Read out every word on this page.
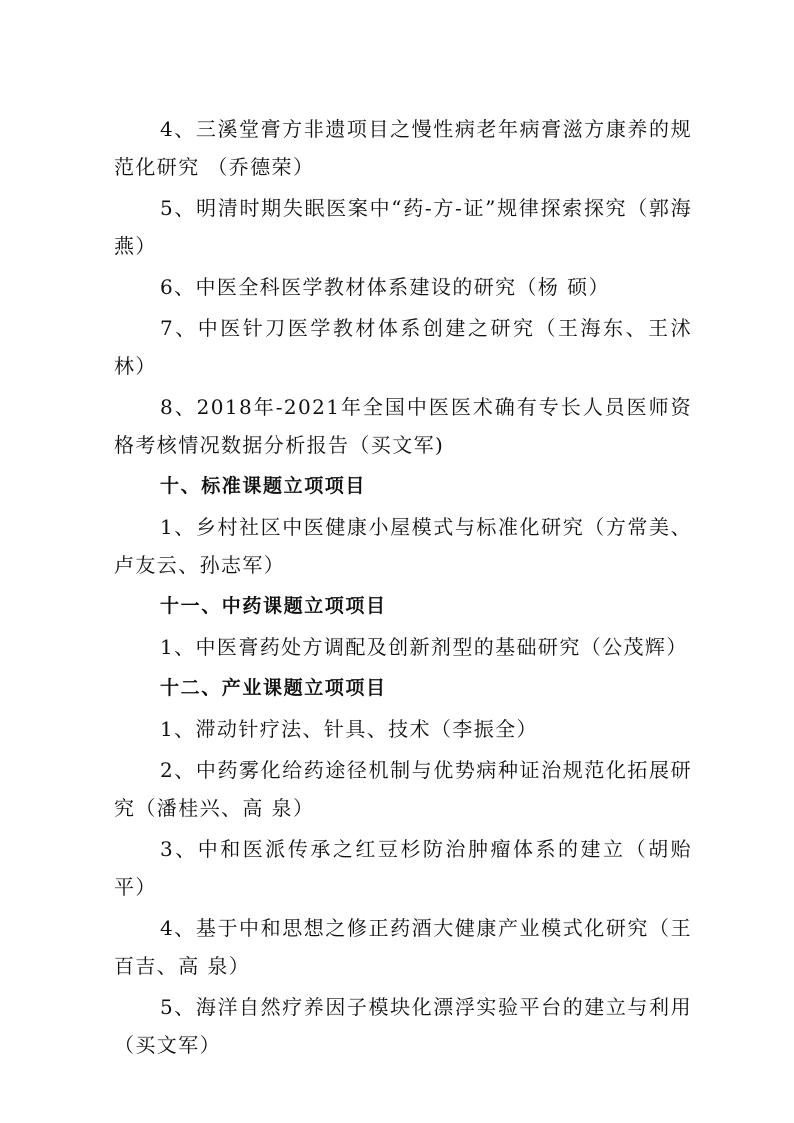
4、三溪堂膏方非遗项目之慢性病老年病膏滋方康养的规范化研究 （乔德荣）

5、明清时期失眠医案中“药-方-证”规律探索探究（郭海燕）

6、中医全科医学教材体系建设的研究（杨 硕）

7、中医针刀医学教材体系创建之研究（王海东、王沭林）

8、2018年-2021年全国中医医术确有专长人员医师资格考核情况数据分析报告（买文军)

十、标准课题立项项目

1、乡村社区中医健康小屋模式与标准化研究（方常美、卢友云、孙志军）

十一、中药课题立项项目

1、中医膏药处方调配及创新剂型的基础研究（公茂辉）

十二、产业课题立项项目

1、滞动针疗法、针具、技术（李振全）

2、中药雾化给药途径机制与优势病种证治规范化拓展研究（潘桂兴、高 泉）

3、中和医派传承之红豆杉防治肿瘤体系的建立（胡贻平）

4、基于中和思想之修正药酒大健康产业模式化研究（王百吉、高 泉）

5、海洋自然疗养因子模块化漂浮实验平台的建立与利用（买文军）
